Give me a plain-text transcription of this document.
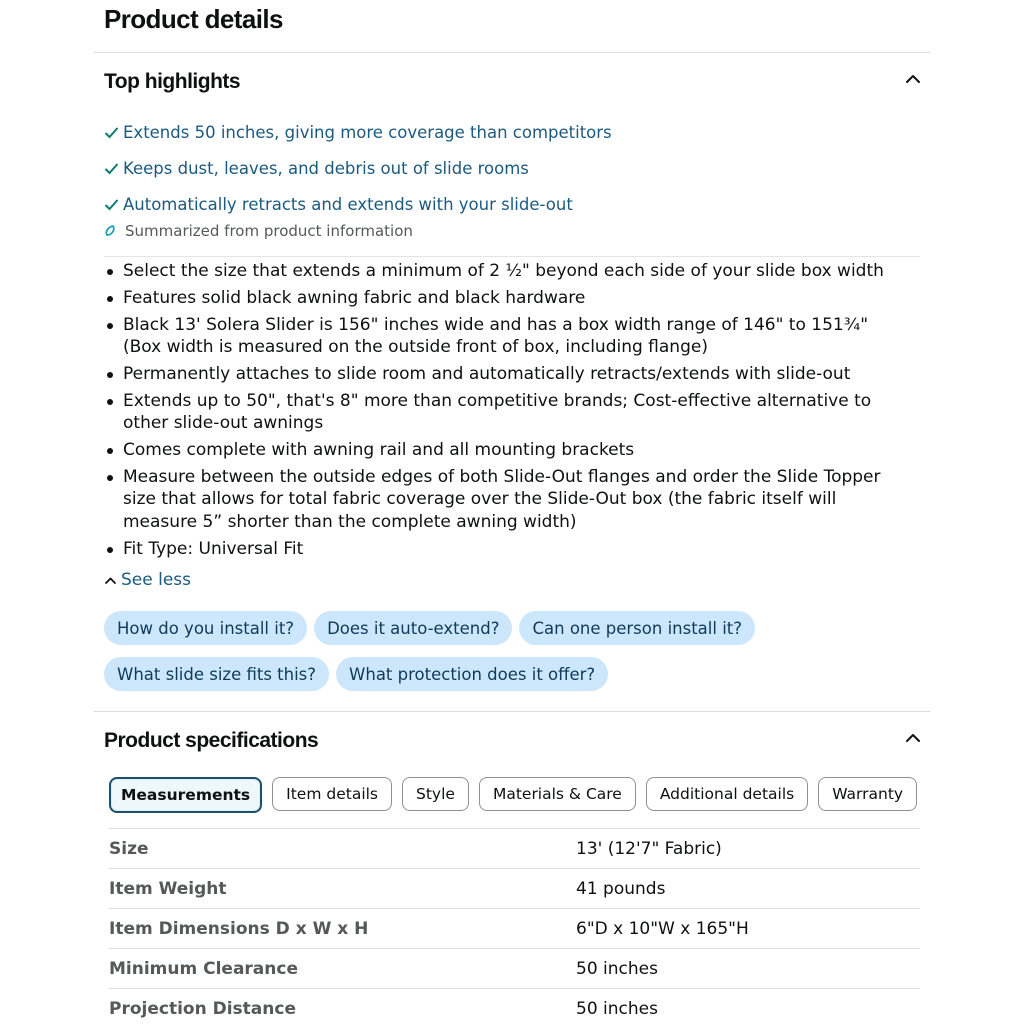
Product details
Top highlights
Extends 50 inches, giving more coverage than competitors
Keeps dust, leaves, and debris out of slide rooms
Automatically retracts and extends with your slide-out
Summarized from product information
Select the size that extends a minimum of 2 ½" beyond each side of your slide box width
Features solid black awning fabric and black hardware
Black 13' Solera Slider is 156" inches wide and has a box width range of 146" to 151¾" (Box width is measured on the outside front of box, including flange)
Permanently attaches to slide room and automatically retracts/extends with slide-out
Extends up to 50", that's 8" more than competitive brands; Cost-effective alternative to other slide-out awnings
Comes complete with awning rail and all mounting brackets
Measure between the outside edges of both Slide-Out flanges and order the Slide Topper size that allows for total fabric coverage over the Slide-Out box (the fabric itself will measure 5” shorter than the complete awning width)
Fit Type: Universal Fit
See less
How do you install it?	Does it auto-extend?	Can one person install it?
What slide size fits this?	What protection does it offer?
Product specifications
Measurements	Item details	Style	Materials & Care	Additional details	Warranty
Size	13' (12'7" Fabric)
Item Weight	41 pounds
Item Dimensions D x W x H	6"D x 10"W x 165"H
Minimum Clearance	50 inches
Projection Distance	50 inches
